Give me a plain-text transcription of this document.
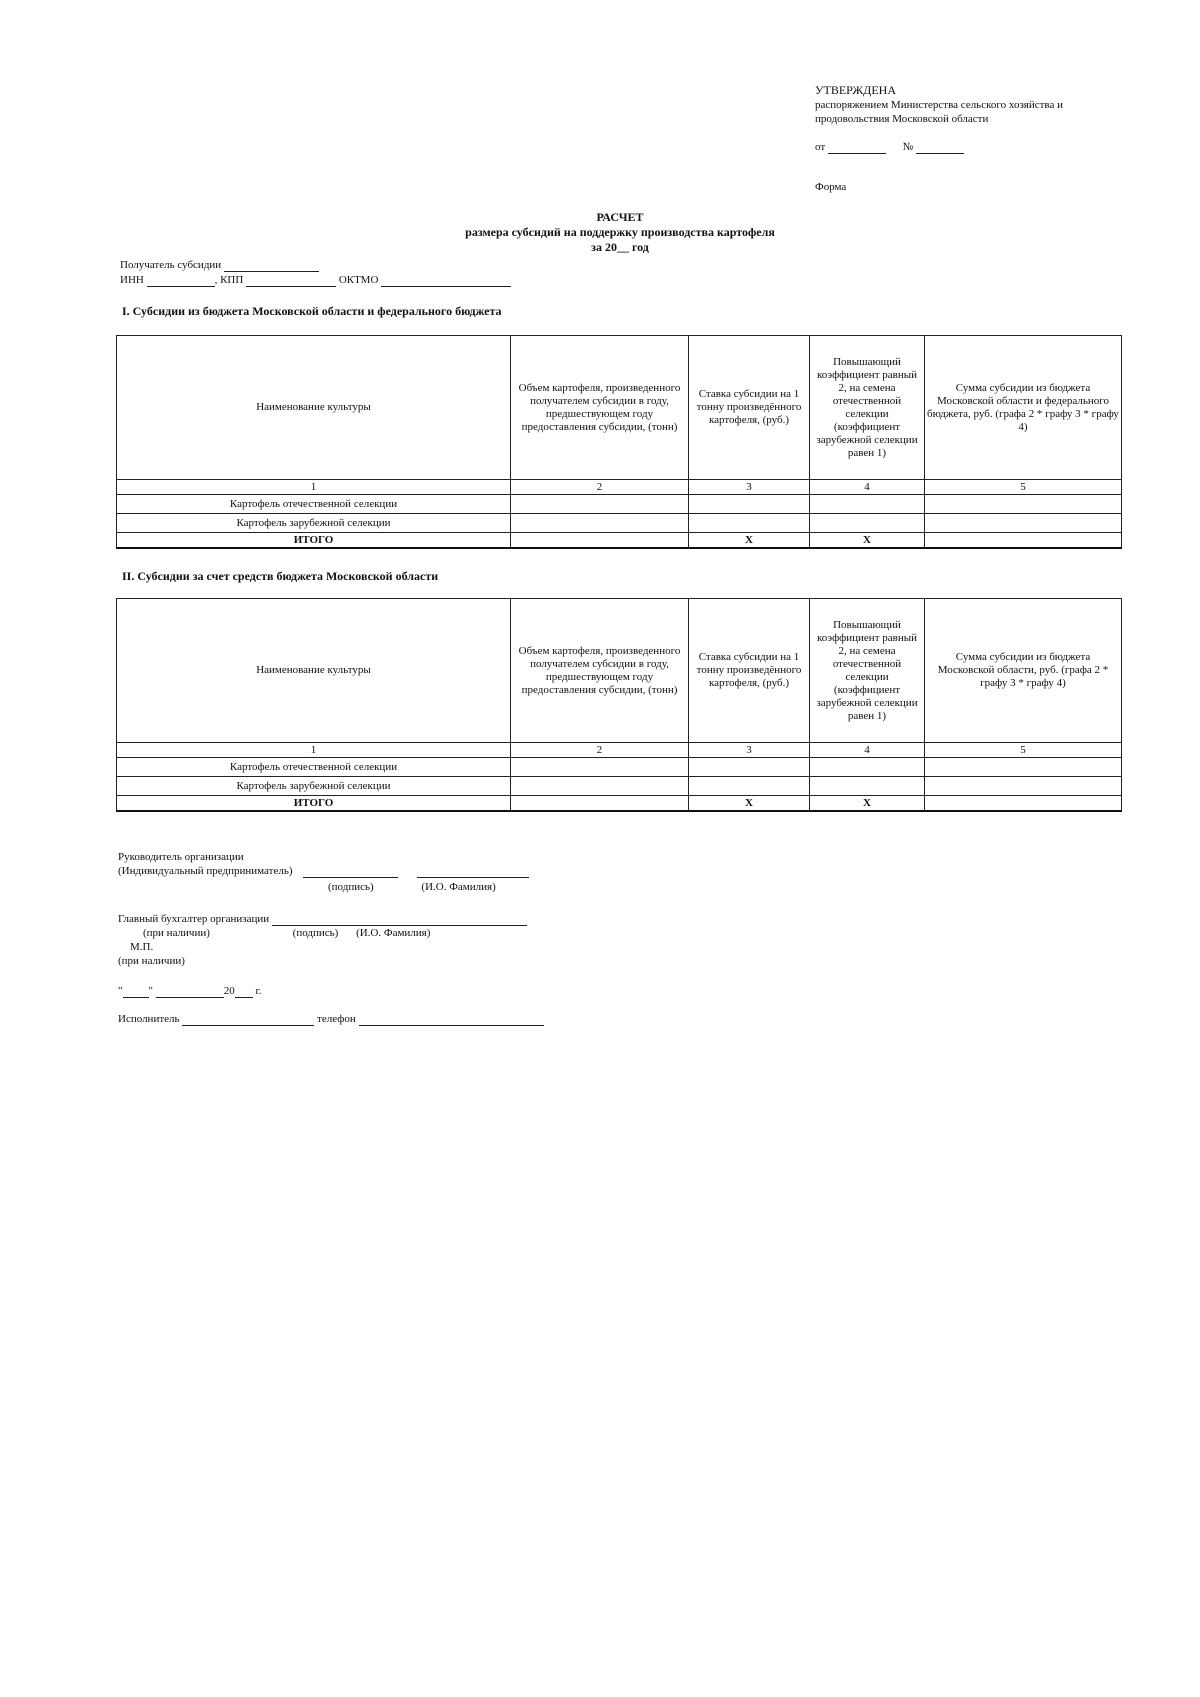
УТВЕРЖДЕНА
распоряжением Министерства сельского хозяйства и
продовольствия Московской области
от	№
Форма
РАСЧЕТ
размера субсидий на поддержку производства картофеля
за 20__ год
Получатель субсидии
ИНН	, КПП	ОКТМО
I. Субсидии из бюджета Московской области и федерального бюджета
Наименование культуры	Объем картофеля, произведенного получателем субсидии в году, предшествующем году предоставления субсидии, (тонн)	Ставка субсидии на 1 тонну произведённого картофеля, (руб.)	Повышающий коэффициент равный 2, на семена отечественной селекции (коэффициент зарубежной селекции равен 1)	Сумма субсидии из бюджета Московской области и федерального бюджета, руб. (графа 2 * графу 3 * графу 4)
1	2	3	4	5
Картофель отечественной селекции				
Картофель зарубежной селекции				
ИТОГО		X	X	
II. Субсидии за счет средств бюджета Московской области
Наименование культуры	Объем картофеля, произведенного получателем субсидии в году, предшествующем году предоставления субсидии, (тонн)	Ставка субсидии на 1 тонну произведённого картофеля, (руб.)	Повышающий коэффициент равный 2, на семена отечественной селекции (коэффициент зарубежной селекции равен 1)	Сумма субсидии из бюджета Московской области, руб. (графа 2 * графу 3 * графу 4)
1	2	3	4	5
Картофель отечественной селекции				
Картофель зарубежной селекции				
ИТОГО		X	X	
Руководитель организации
(Индивидуальный предприниматель)
(подпись)	(И.О. Фамилия)
Главный бухгалтер организации
(при наличии)	(подпись) (И.О. Фамилия)
М.П.
(при наличии)
" "	20 г.
Исполнитель	телефон
